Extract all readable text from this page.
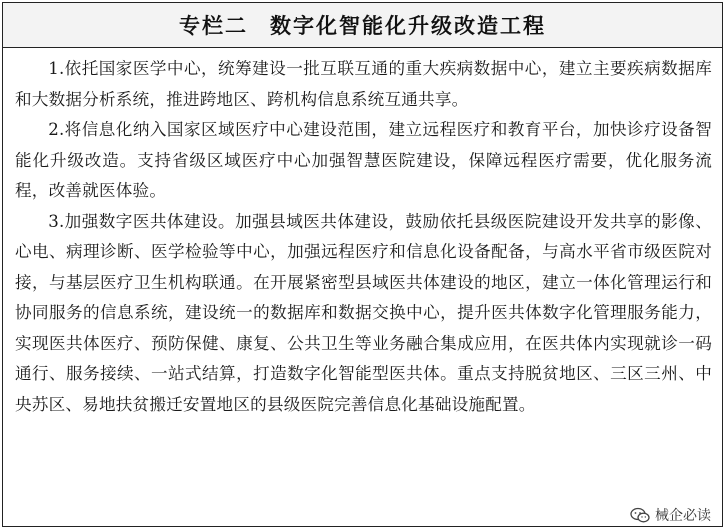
专栏二 数字化智能化升级改造工程

1.依托国家医学中心，统筹建设一批互联互通的重大疾病数据中心，建立主要疾病数据库和大数据分析系统，推进跨地区、跨机构信息系统互通共享。

2.将信息化纳入国家区域医疗中心建设范围，建立远程医疗和教育平台，加快诊疗设备智能化升级改造。支持省级区域医疗中心加强智慧医院建设，保障远程医疗需要，优化服务流程，改善就医体验。

3.加强数字医共体建设。加强县域医共体建设，鼓励依托县级医院建设开发共享的影像、心电、病理诊断、医学检验等中心，加强远程医疗和信息化设备配备，与高水平省市级医院对接，与基层医疗卫生机构联通。在开展紧密型县域医共体建设的地区，建立一体化管理运行和协同服务的信息系统，建设统一的数据库和数据交换中心，提升医共体数字化管理服务能力，实现医共体医疗、预防保健、康复、公共卫生等业务融合集成应用，在医共体内实现就诊一码通行、服务接续、一站式结算，打造数字化智能型医共体。重点支持脱贫地区、三区三州、中央苏区、易地扶贫搬迁安置地区的县级医院完善信息化基础设施配置。

械企必读
